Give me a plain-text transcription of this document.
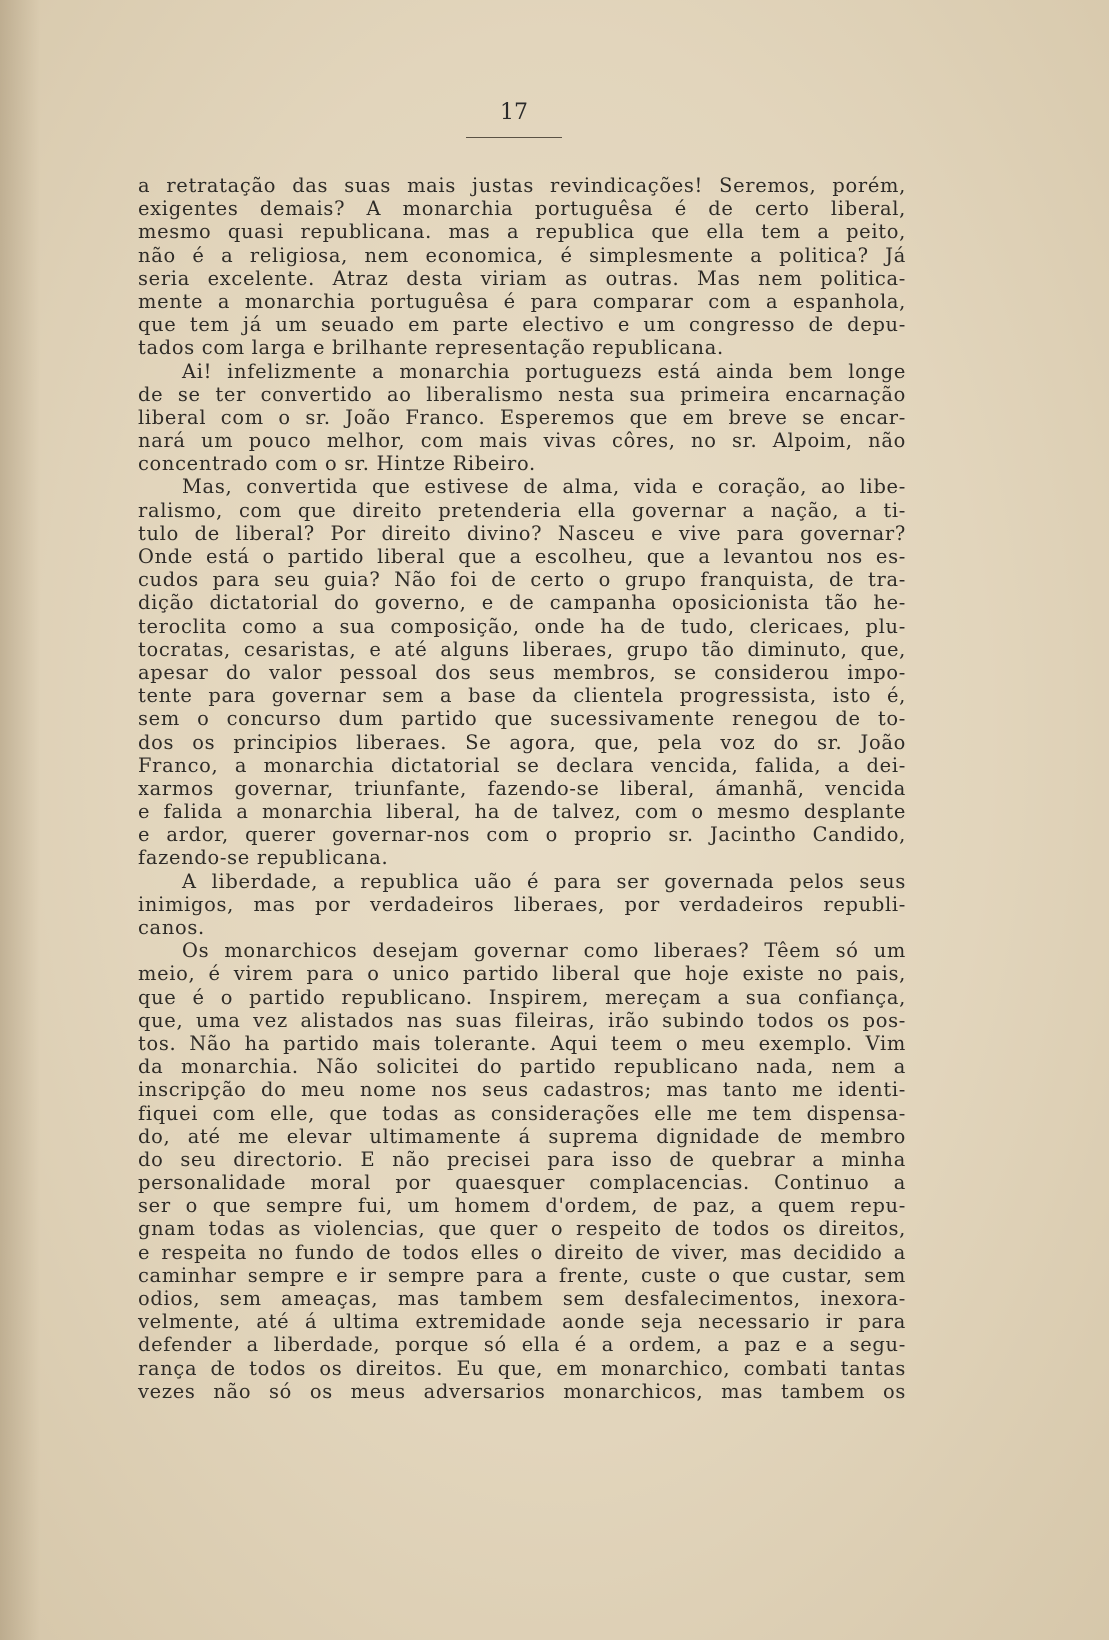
17
a retratação das suas mais justas revindicações! Seremos, porém,
exigentes demais? A monarchia portuguêsa é de certo liberal,
mesmo quasi republicana. mas a republica que ella tem a peito,
não é a religiosa, nem economica, é simplesmente a politica? Já
seria excelente. Atraz desta viriam as outras. Mas nem politica-
mente a monarchia portuguêsa é para comparar com a espanhola,
que tem já um seuado em parte electivo e um congresso de depu-
tados com larga e brilhante representação republicana.
Ai! infelizmente a monarchia portuguezs está ainda bem longe
de se ter convertido ao liberalismo nesta sua primeira encarnação
liberal com o sr. João Franco. Esperemos que em breve se encar-
nará um pouco melhor, com mais vivas côres, no sr. Alpoim, não
concentrado com o sr. Hintze Ribeiro.
Mas, convertida que estivese de alma, vida e coração, ao libe-
ralismo, com que direito pretenderia ella governar a nação, a ti-
tulo de liberal? Por direito divino? Nasceu e vive para governar?
Onde está o partido liberal que a escolheu, que a levantou nos es-
cudos para seu guia? Não foi de certo o grupo franquista, de tra-
dição dictatorial do governo, e de campanha oposicionista tão he-
teroclita como a sua composição, onde ha de tudo, clericaes, plu-
tocratas, cesaristas, e até alguns liberaes, grupo tão diminuto, que,
apesar do valor pessoal dos seus membros, se considerou impo-
tente para governar sem a base da clientela progressista, isto é,
sem o concurso dum partido que sucessivamente renegou de to-
dos os principios liberaes. Se agora, que, pela voz do sr. João
Franco, a monarchia dictatorial se declara vencida, falida, a dei-
xarmos governar, triunfante, fazendo-se liberal, ámanhã, vencida
e falida a monarchia liberal, ha de talvez, com o mesmo desplante
e ardor, querer governar-nos com o proprio sr. Jacintho Candido,
fazendo-se republicana.
A liberdade, a republica uão é para ser governada pelos seus
inimigos, mas por verdadeiros liberaes, por verdadeiros republi-
canos.
Os monarchicos desejam governar como liberaes? Têem só um
meio, é virem para o unico partido liberal que hoje existe no pais,
que é o partido republicano. Inspirem, mereçam a sua confiança,
que, uma vez alistados nas suas fileiras, irão subindo todos os pos-
tos. Não ha partido mais tolerante. Aqui teem o meu exemplo. Vim
da monarchia. Não solicitei do partido republicano nada, nem a
inscripção do meu nome nos seus cadastros; mas tanto me identi-
fiquei com elle, que todas as considerações elle me tem dispensa-
do, até me elevar ultimamente á suprema dignidade de membro
do seu directorio. E não precisei para isso de quebrar a minha
personalidade moral por quaesquer complacencias. Continuo a
ser o que sempre fui, um homem d'ordem, de paz, a quem repu-
gnam todas as violencias, que quer o respeito de todos os direitos,
e respeita no fundo de todos elles o direito de viver, mas decidido a
caminhar sempre e ir sempre para a frente, custe o que custar, sem
odios, sem ameaças, mas tambem sem desfalecimentos, inexora-
velmente, até á ultima extremidade aonde seja necessario ir para
defender a liberdade, porque só ella é a ordem, a paz e a segu-
rança de todos os direitos. Eu que, em monarchico, combati tantas
vezes não só os meus adversarios monarchicos, mas tambem os
